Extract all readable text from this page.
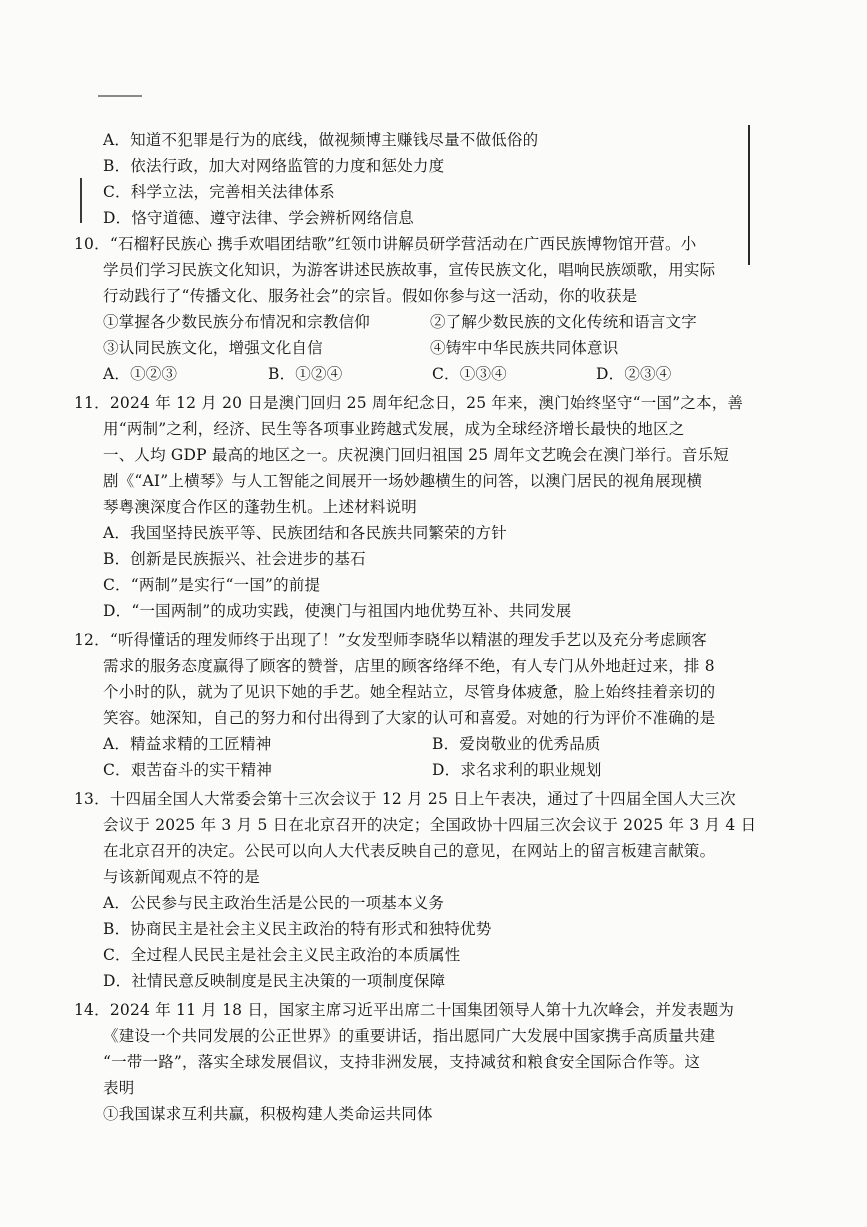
A．知道不犯罪是行为的底线，做视频博主赚钱尽量不做低俗的
B．依法行政，加大对网络监管的力度和惩处力度
C．科学立法，完善相关法律体系
D．恪守道德、遵守法律、学会辨析网络信息
10．“石榴籽民族心 携手欢唱团结歌”红领巾讲解员研学营活动在广西民族博物馆开营。小
学员们学习民族文化知识，为游客讲述民族故事，宣传民族文化，唱响民族颂歌，用实际
行动践行了“传播文化、服务社会”的宗旨。假如你参与这一活动，你的收获是
①掌握各少数民族分布情况和宗教信仰	②了解少数民族的文化传统和语言文字
③认同民族文化，增强文化自信	④铸牢中华民族共同体意识
A．①②③	B．①②④	C．①③④	D．②③④
11．2024 年 12 月 20 日是澳门回归 25 周年纪念日，25 年来，澳门始终坚守“一国”之本，善
用“两制”之利，经济、民生等各项事业跨越式发展，成为全球经济增长最快的地区之
一、人均 GDP 最高的地区之一。庆祝澳门回归祖国 25 周年文艺晚会在澳门举行。音乐短
剧《“AI”上横琴》与人工智能之间展开一场妙趣横生的问答，以澳门居民的视角展现横
琴粤澳深度合作区的蓬勃生机。上述材料说明
A．我国坚持民族平等、民族团结和各民族共同繁荣的方针
B．创新是民族振兴、社会进步的基石
C．“两制”是实行“一国”的前提
D．“一国两制”的成功实践，使澳门与祖国内地优势互补、共同发展
12．“听得懂话的理发师终于出现了！”女发型师李晓华以精湛的理发手艺以及充分考虑顾客
需求的服务态度赢得了顾客的赞誉，店里的顾客络绎不绝，有人专门从外地赶过来，排 8
个小时的队，就为了见识下她的手艺。她全程站立，尽管身体疲惫，脸上始终挂着亲切的
笑容。她深知，自己的努力和付出得到了大家的认可和喜爱。对她的行为评价不准确的是
A．精益求精的工匠精神	B．爱岗敬业的优秀品质
C．艰苦奋斗的实干精神	D．求名求利的职业规划
13．十四届全国人大常委会第十三次会议于 12 月 25 日上午表决，通过了十四届全国人大三次
会议于 2025 年 3 月 5 日在北京召开的决定；全国政协十四届三次会议于 2025 年 3 月 4 日
在北京召开的决定。公民可以向人大代表反映自己的意见，在网站上的留言板建言献策。
与该新闻观点不符的是
A．公民参与民主政治生活是公民的一项基本义务
B．协商民主是社会主义民主政治的特有形式和独特优势
C．全过程人民民主是社会主义民主政治的本质属性
D．社情民意反映制度是民主决策的一项制度保障
14．2024 年 11 月 18 日，国家主席习近平出席二十国集团领导人第十九次峰会，并发表题为
《建设一个共同发展的公正世界》的重要讲话，指出愿同广大发展中国家携手高质量共建
“一带一路”，落实全球发展倡议，支持非洲发展，支持减贫和粮食安全国际合作等。这
表明
①我国谋求互利共赢，积极构建人类命运共同体
